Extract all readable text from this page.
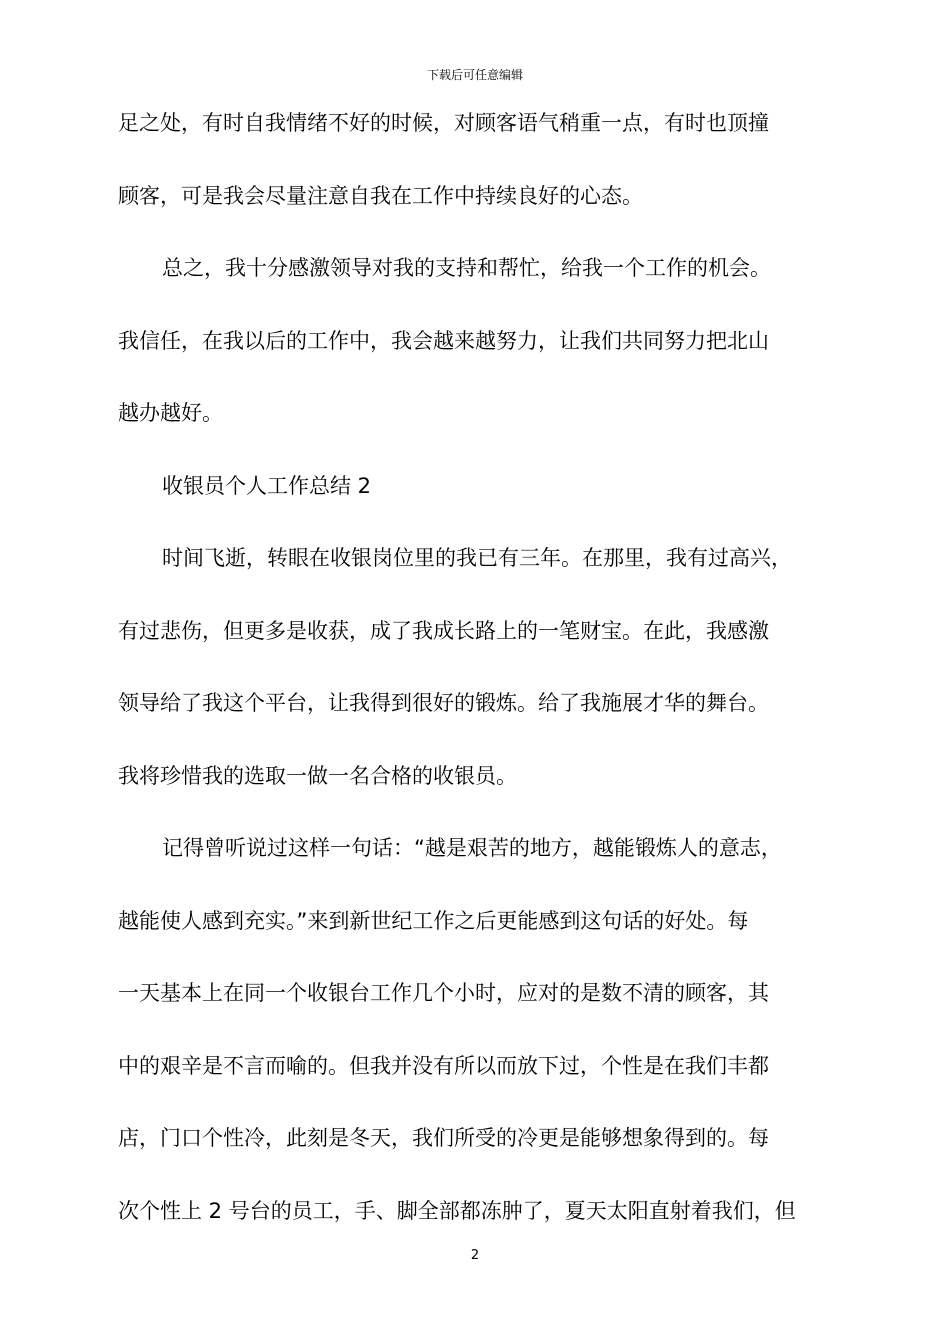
下载后可任意编辑
足之处，有时自我情绪不好的时候，对顾客语气稍重一点，有时也顶撞
顾客，可是我会尽量注意自我在工作中持续良好的心态。
总之，我十分感激领导对我的支持和帮忙，给我一个工作的机会。
我信任，在我以后的工作中，我会越来越努力，让我们共同努力把北山
越办越好。
收银员个人工作总结 2
时间飞逝，转眼在收银岗位里的我已有三年。在那里，我有过高兴，
有过悲伤，但更多是收获，成了我成长路上的一笔财宝。在此，我感激
领导给了我这个平台，让我得到很好的锻炼。给了我施展才华的舞台。
我将珍惜我的选取一做一名合格的收银员。
记得曾听说过这样一句话：“越是艰苦的地方，越能锻炼人的意志，
越能使人感到充实。”来到新世纪工作之后更能感到这句话的好处。每
一天基本上在同一个收银台工作几个小时，应对的是数不清的顾客，其
中的艰辛是不言而喻的。但我并没有所以而放下过，个性是在我们丰都
店，门口个性冷，此刻是冬天，我们所受的冷更是能够想象得到的。每
次个性上 2 号台的员工，手、脚全部都冻肿了，夏天太阳直射着我们，但
2
